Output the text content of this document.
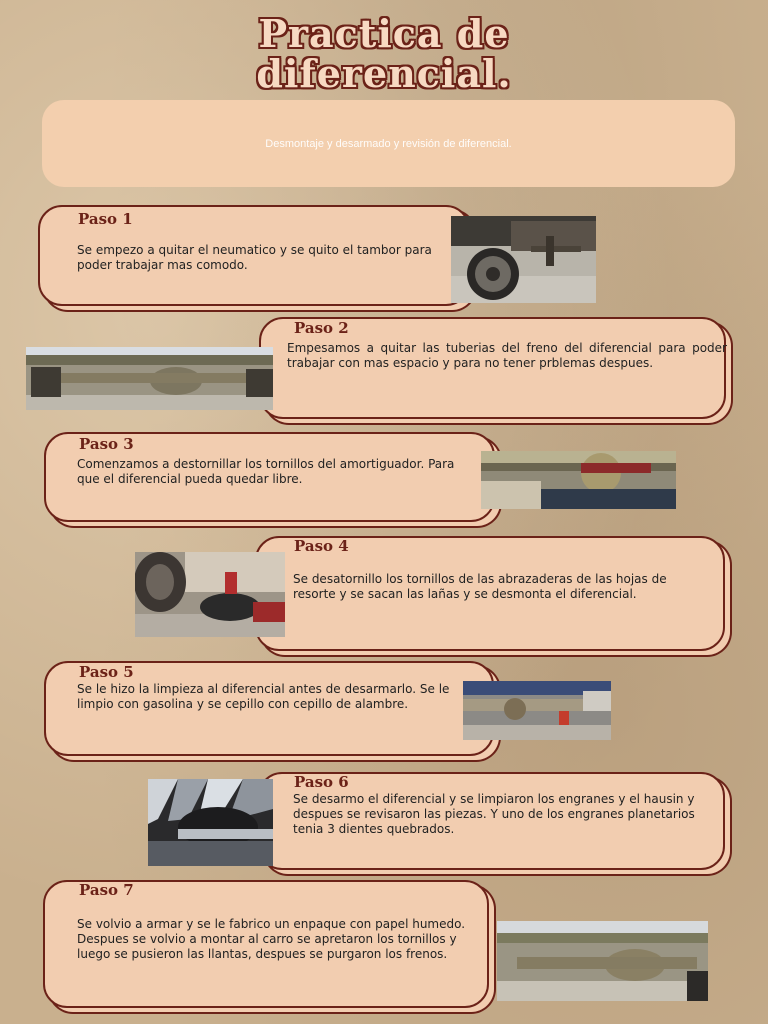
Practica de
diferencial.
Desmontaje y desarmado y revisión de diferencial.
Paso 1
Se empezo a quitar el neumatico y se quito el tambor para poder trabajar mas comodo.
Paso 2
Empesamos a quitar las tuberias del freno del diferencial para poder trabajar con mas espacio y para no tener prblemas despues.
Paso 3
Comenzamos a destornillar los tornillos del amortiguador. Para que el diferencial pueda quedar libre.
Paso 4
Se desatornillo los tornillos de las abrazaderas de las hojas de resorte y se sacan las lañas y se desmonta el diferencial.
Paso 5
Se le hizo la limpieza al diferencial antes de desarmarlo. Se le limpio con gasolina y se cepillo con cepillo de alambre.
Paso 6
Se desarmo el diferencial y se limpiaron los engranes y el hausin y despues se revisaron las piezas. Y uno de los engranes planetarios tenia 3 dientes quebrados.
Paso 7
Se volvio a armar y se le fabrico un enpaque con papel humedo. Despues se volvio a montar al carro se apretaron los tornillos y luego se pusieron las llantas, despues se purgaron los frenos.
